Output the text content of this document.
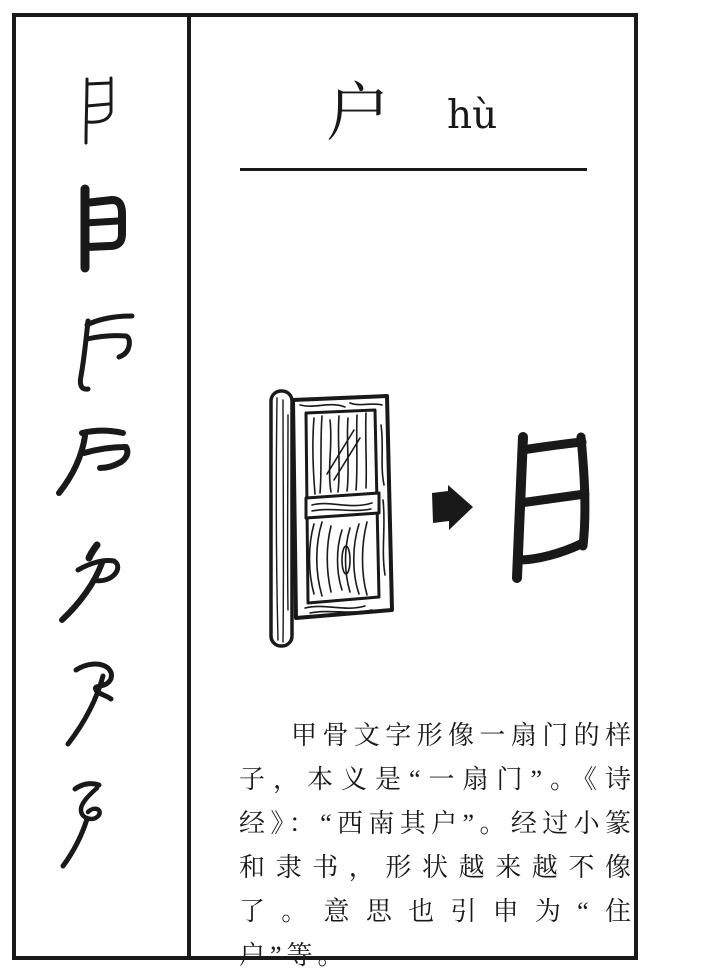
户 hù
甲骨文字形像一扇门的样子，本义是“一扇门”。《诗经》：“西南其户”。经过小篆和隶书，形状越来越不像了。意思也引申为“住户”等。
